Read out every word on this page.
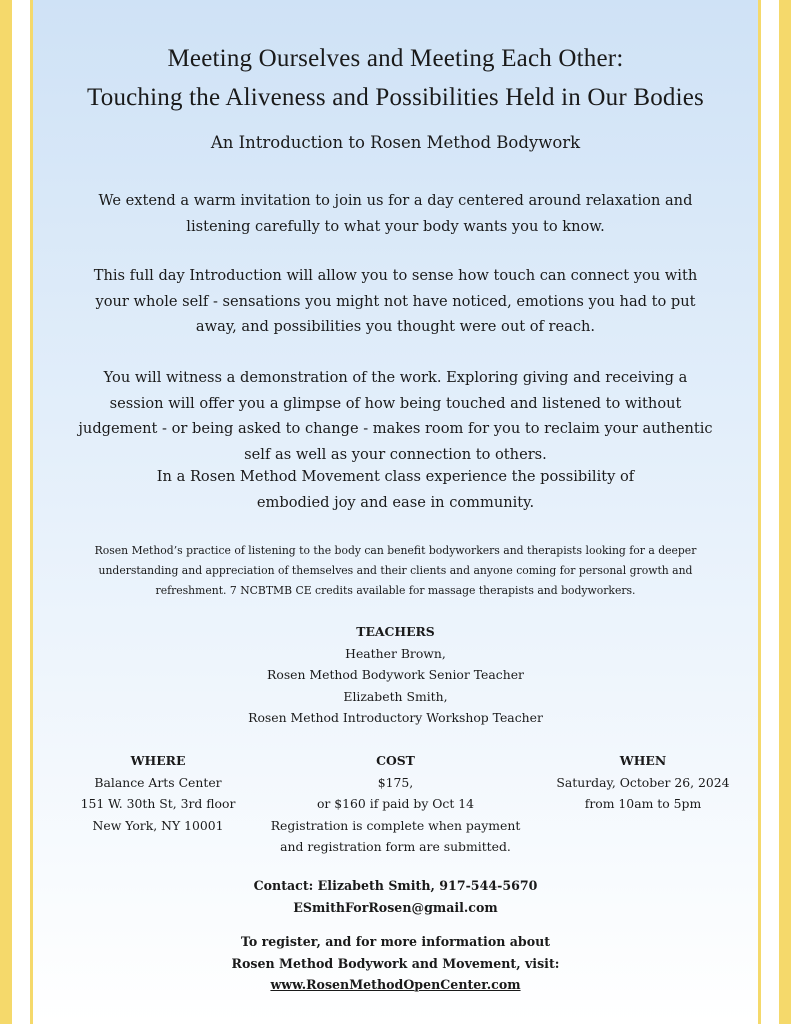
Meeting Ourselves and Meeting Each Other:
Touching the Aliveness and Possibilities Held in Our Bodies
An Introduction to Rosen Method Bodywork
We extend a warm invitation to join us for a day centered around relaxation and
listening carefully to what your body wants you to know.
This full day Introduction will allow you to sense how touch can connect you with
your whole self - sensations you might not have noticed, emotions you had to put
away, and possibilities you thought were out of reach.
You will witness a demonstration of the work. Exploring giving and receiving a
session will offer you a glimpse of how being touched and listened to without
judgement - or being asked to change - makes room for you to reclaim your authentic
self as well as your connection to others.
In a Rosen Method Movement class experience the possibility of
embodied joy and ease in community.
Rosen Method’s practice of listening to the body can benefit bodyworkers and therapists looking for a deeper
understanding and appreciation of themselves and their clients and anyone coming for personal growth and
refreshment. 7 NCBTMB CE credits available for massage therapists and bodyworkers.
TEACHERS
Heather Brown,
Rosen Method Bodywork Senior Teacher
Elizabeth Smith,
Rosen Method Introductory Workshop Teacher
WHERE
Balance Arts Center
151 W. 30th St, 3rd floor
New York, NY 10001
COST
$175,
or $160 if paid by Oct 14
Registration is complete when payment
and registration form are submitted.
WHEN
Saturday, October 26, 2024
from 10am to 5pm
Contact: Elizabeth Smith, 917-544-5670
ESmithForRosen@gmail.com
To register, and for more information about
Rosen Method Bodywork and Movement, visit:
www.RosenMethodOpenCenter.com
